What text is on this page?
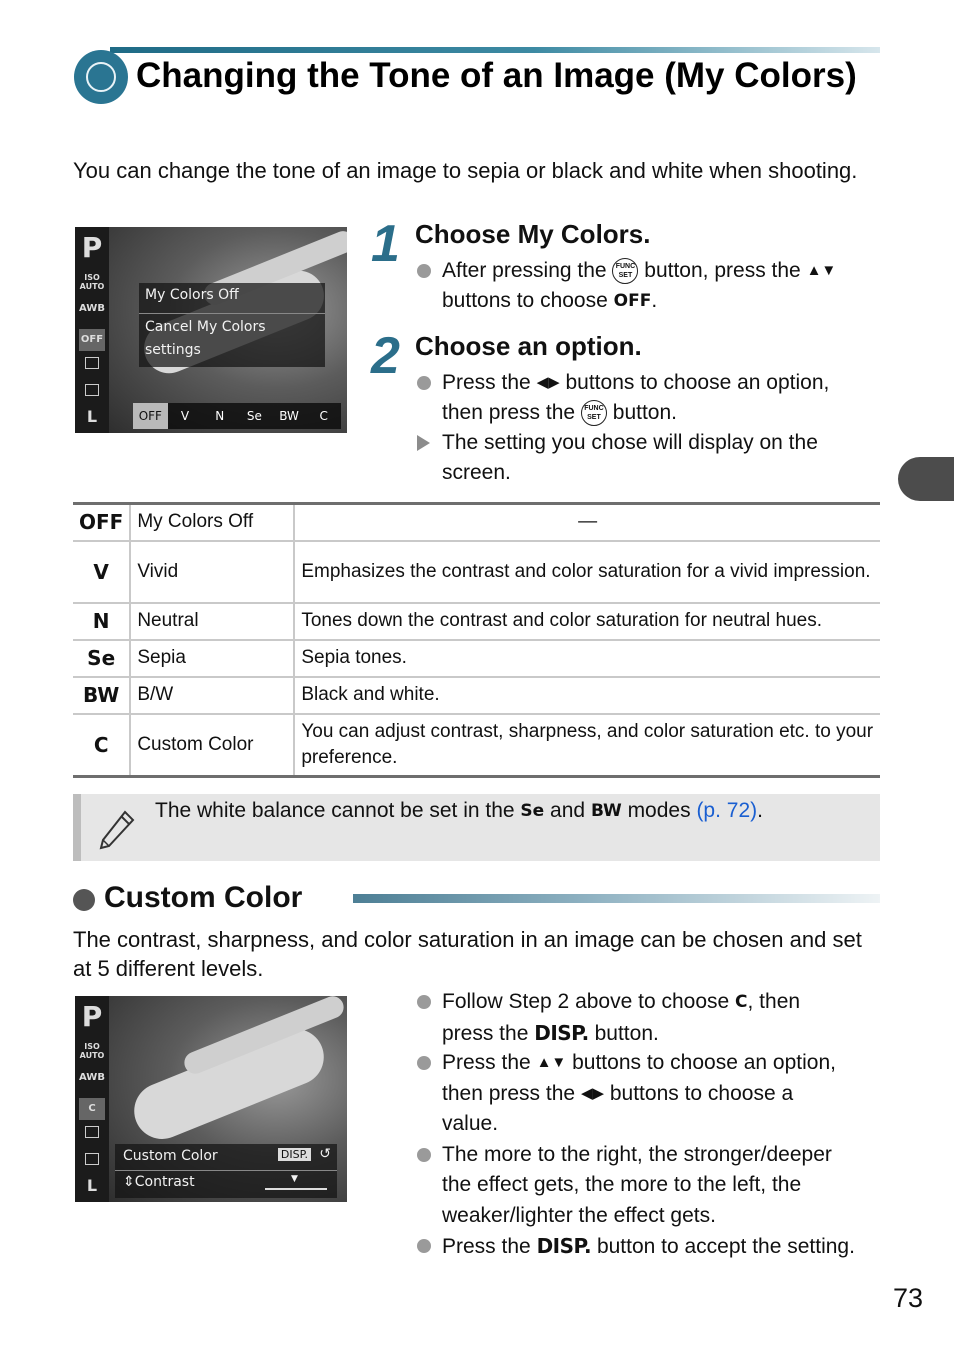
Changing the Tone of an Image (My Colors)
You can change the tone of an image to sepia or black and white when shooting.
P
ISO AUTO
AWB
OFF
L
My Colors Off
Cancel My Colors
settings
OFF	V	N	Se	BW	C
1 Choose My Colors.
After pressing the FUNC
SET button, press the ▲▼
buttons to choose OFF.
2 Choose an option.
Press the ◀▶ buttons to choose an option,
then press the FUNC
SET button.
The setting you chose will display on the
screen.
OFF	My Colors Off	—
V	Vivid	Emphasizes the contrast and color saturation for a vivid impression.
N	Neutral	Tones down the contrast and color saturation for neutral hues.
Se	Sepia	Sepia tones.
BW	B/W	Black and white.
C	Custom Color	You can adjust contrast, sharpness, and color saturation etc. to your preference.
The white balance cannot be set in the Se and BW modes (p. 72).
Custom Color
The contrast, sharpness, and color saturation in an image can be chosen and set at 5 different levels.
P
ISO AUTO
AWB
C
L
Custom Color	DISP. ↺
⇕Contrast	▼
Follow Step 2 above to choose C, then
press the DISP. button.
Press the ▲▼ buttons to choose an option,
then press the ◀▶ buttons to choose a
value.
The more to the right, the stronger/deeper
the effect gets, the more to the left, the
weaker/lighter the effect gets.
Press the DISP. button to accept the setting.
73
